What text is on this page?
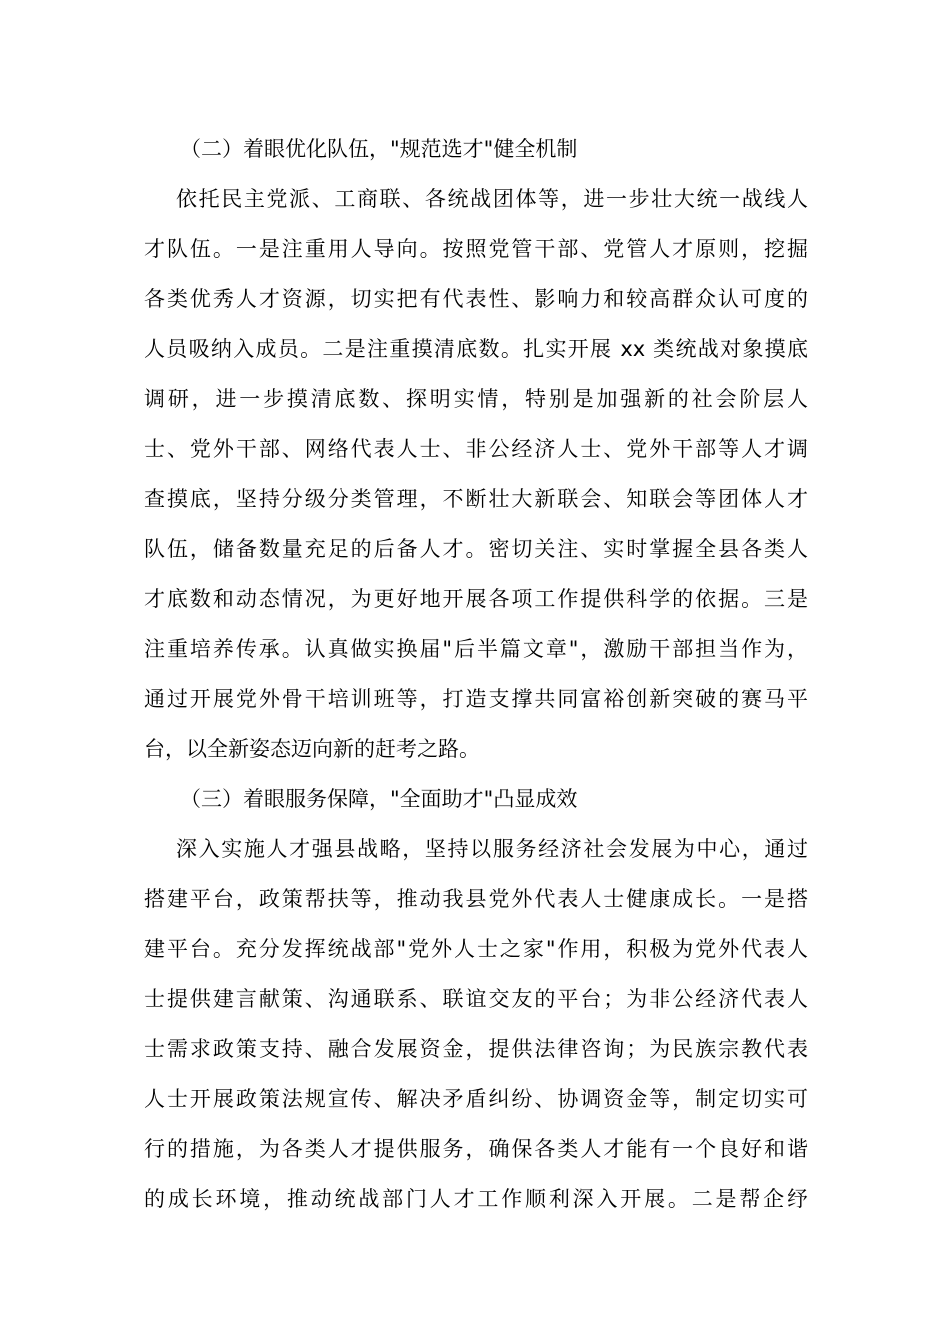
（二）着眼优化队伍，"规范选才"健全机制
依托民主党派、工商联、各统战团体等，进一步壮大统一战线人
才队伍。一是注重用人导向。按照党管干部、党管人才原则，挖掘
各类优秀人才资源，切实把有代表性、影响力和较高群众认可度的
人员吸纳入成员。二是注重摸清底数。扎实开展 xx 类统战对象摸底
调研，进一步摸清底数、探明实情，特别是加强新的社会阶层人
士、党外干部、网络代表人士、非公经济人士、党外干部等人才调
查摸底，坚持分级分类管理，不断壮大新联会、知联会等团体人才
队伍，储备数量充足的后备人才。密切关注、实时掌握全县各类人
才底数和动态情况，为更好地开展各项工作提供科学的依据。三是
注重培养传承。认真做实换届"后半篇文章"，激励干部担当作为，
通过开展党外骨干培训班等，打造支撑共同富裕创新突破的赛马平
台，以全新姿态迈向新的赶考之路。
（三）着眼服务保障，"全面助才"凸显成效
深入实施人才强县战略，坚持以服务经济社会发展为中心，通过
搭建平台，政策帮扶等，推动我县党外代表人士健康成长。一是搭
建平台。充分发挥统战部"党外人士之家"作用，积极为党外代表人
士提供建言献策、沟通联系、联谊交友的平台；为非公经济代表人
士需求政策支持、融合发展资金，提供法律咨询；为民族宗教代表
人士开展政策法规宣传、解决矛盾纠纷、协调资金等，制定切实可
行的措施，为各类人才提供服务，确保各类人才能有一个良好和谐
的成长环境，推动统战部门人才工作顺利深入开展。二是帮企纾
